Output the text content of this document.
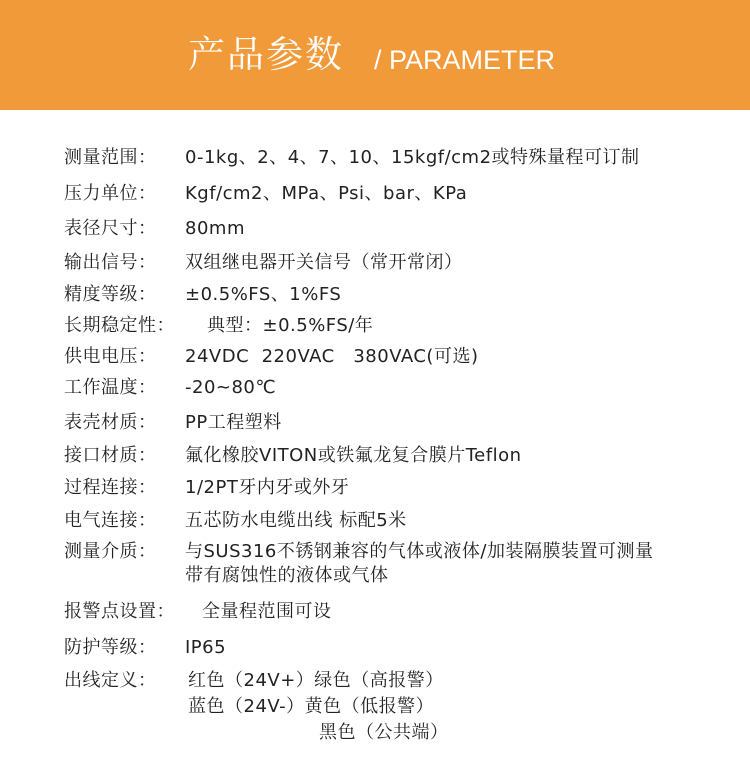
产品参数 / PARAMETER
测量范围： 0-1kg、2、4、7、10、15kgf/cm2或特殊量程可订制
压力单位： Kgf/cm2、MPa、Psi、bar、KPa
表径尺寸： 80mm
输出信号： 双组继电器开关信号（常开常闭）
精度等级： ±0.5%FS、1%FS
长期稳定性： 典型：±0.5%FS/年
供电电压： 24VDC  220VAC   380VAC(可选)
工作温度： -20~80℃
表壳材质： PP工程塑料
接口材质： 氟化橡胶VITON或铁氟龙复合膜片Teflon
过程连接： 1/2PT牙内牙或外牙
电气连接： 五芯防水电缆出线 标配5米
测量介质： 与SUS316不锈钢兼容的气体或液体/加装隔膜装置可测量
带有腐蚀性的液体或气体
报警点设置： 全量程范围可设
防护等级： IP65
出线定义： 红色（24V+）绿色（高报警）
蓝色（24V-）黄色（低报警）
黑色（公共端）
